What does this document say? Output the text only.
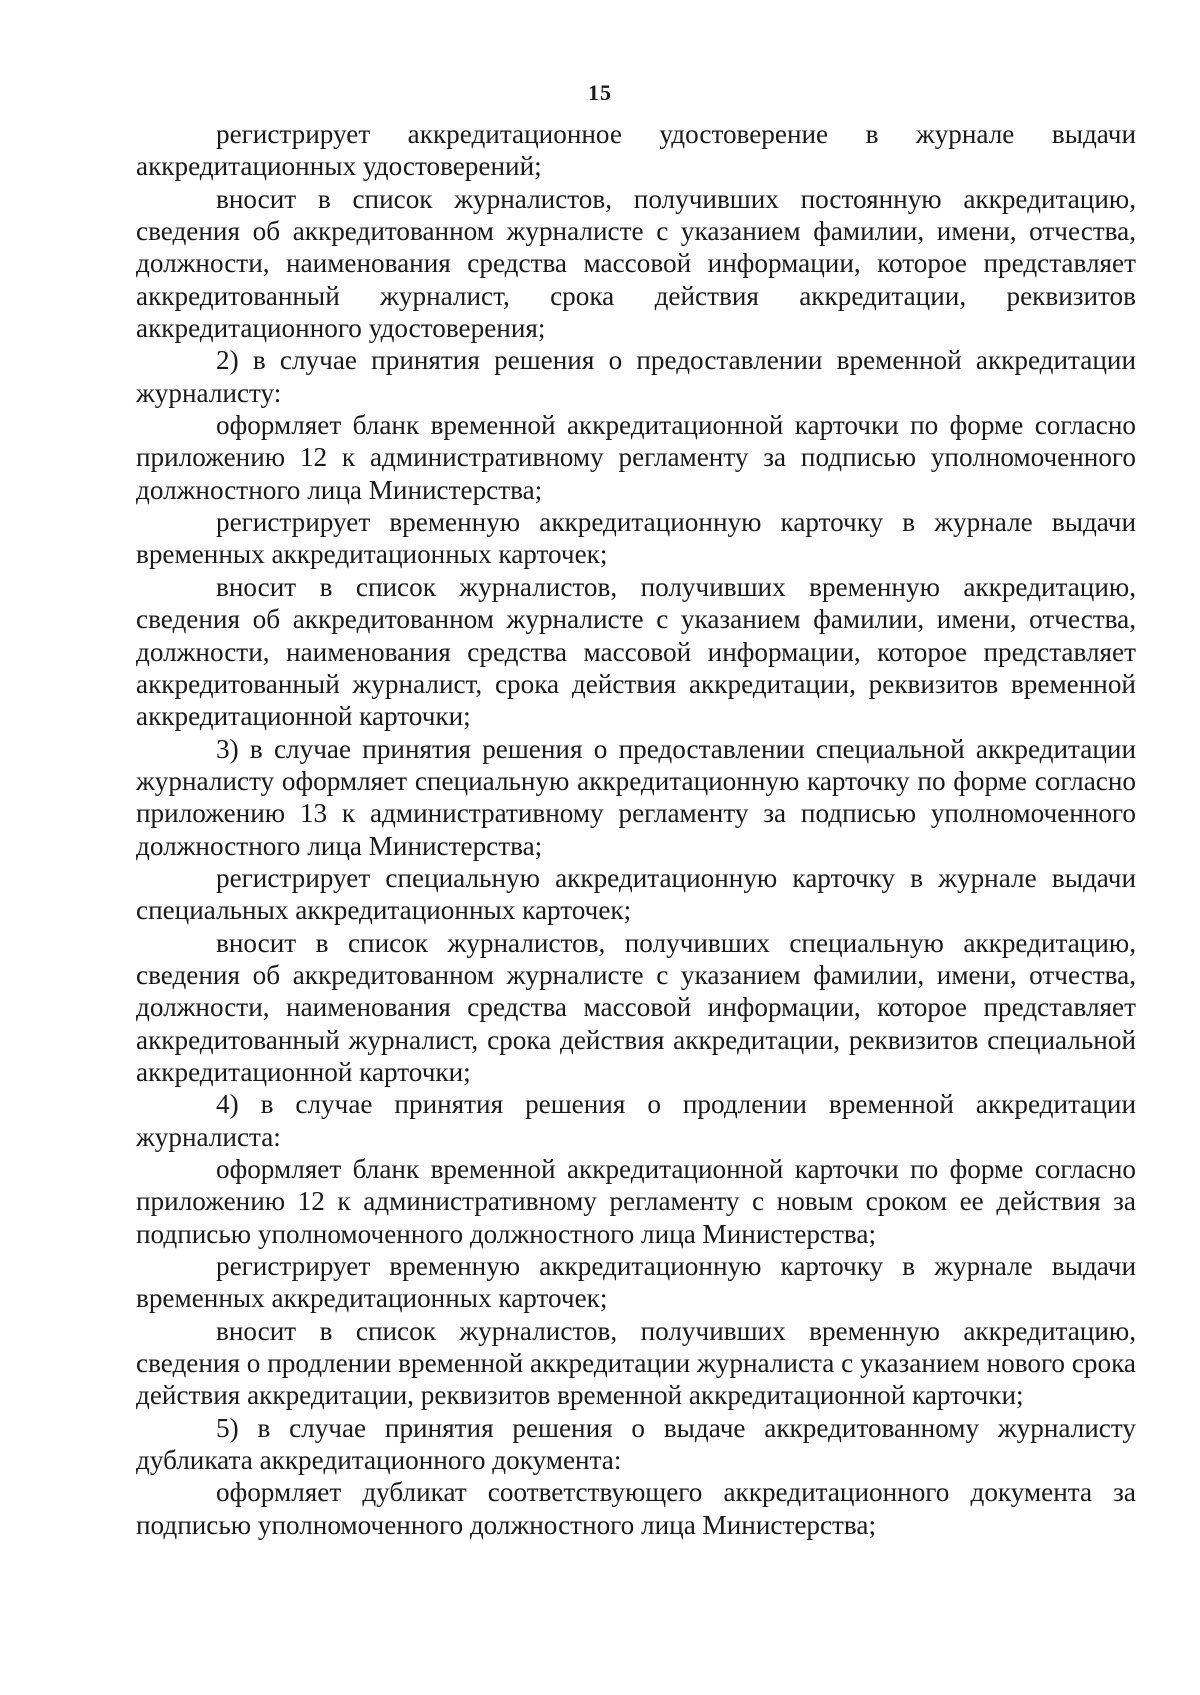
15

регистрирует аккредитационное удостоверение в журнале выдачи аккредитационных удостоверений;

вносит в список журналистов, получивших постоянную аккредитацию, сведения об аккредитованном журналисте с указанием фамилии, имени, отчества, должности, наименования средства массовой информации, которое представляет аккредитованный журналист, срока действия аккредитации, реквизитов аккредитационного удостоверения;

2) в случае принятия решения о предоставлении временной аккредитации журналисту:

оформляет бланк временной аккредитационной карточки по форме согласно приложению 12 к административному регламенту за подписью уполномоченного должностного лица Министерства;

регистрирует временную аккредитационную карточку в журнале выдачи временных аккредитационных карточек;

вносит в список журналистов, получивших временную аккредитацию, сведения об аккредитованном журналисте с указанием фамилии, имени, отчества, должности, наименования средства массовой информации, которое представляет аккредитованный журналист, срока действия аккредитации, реквизитов временной аккредитационной карточки;

3) в случае принятия решения о предоставлении специальной аккредитации журналисту оформляет специальную аккредитационную карточку по форме согласно приложению 13 к административному регламенту за подписью уполномоченного должностного лица Министерства;

регистрирует специальную аккредитационную карточку в журнале выдачи специальных аккредитационных карточек;

вносит в список журналистов, получивших специальную аккредитацию, сведения об аккредитованном журналисте с указанием фамилии, имени, отчества, должности, наименования средства массовой информации, которое представляет аккредитованный журналист, срока действия аккредитации, реквизитов специальной аккредитационной карточки;

4) в случае принятия решения о продлении временной аккредитации журналиста:

оформляет бланк временной аккредитационной карточки по форме согласно приложению 12 к административному регламенту с новым сроком ее действия за подписью уполномоченного должностного лица Министерства;

регистрирует временную аккредитационную карточку в журнале выдачи временных аккредитационных карточек;

вносит в список журналистов, получивших временную аккредитацию, сведения о продлении временной аккредитации журналиста с указанием нового срока действия аккредитации, реквизитов временной аккредитационной карточки;

5) в случае принятия решения о выдаче аккредитованному журналисту дубликата аккредитационного документа:

оформляет дубликат соответствующего аккредитационного документа за подписью уполномоченного должностного лица Министерства;
